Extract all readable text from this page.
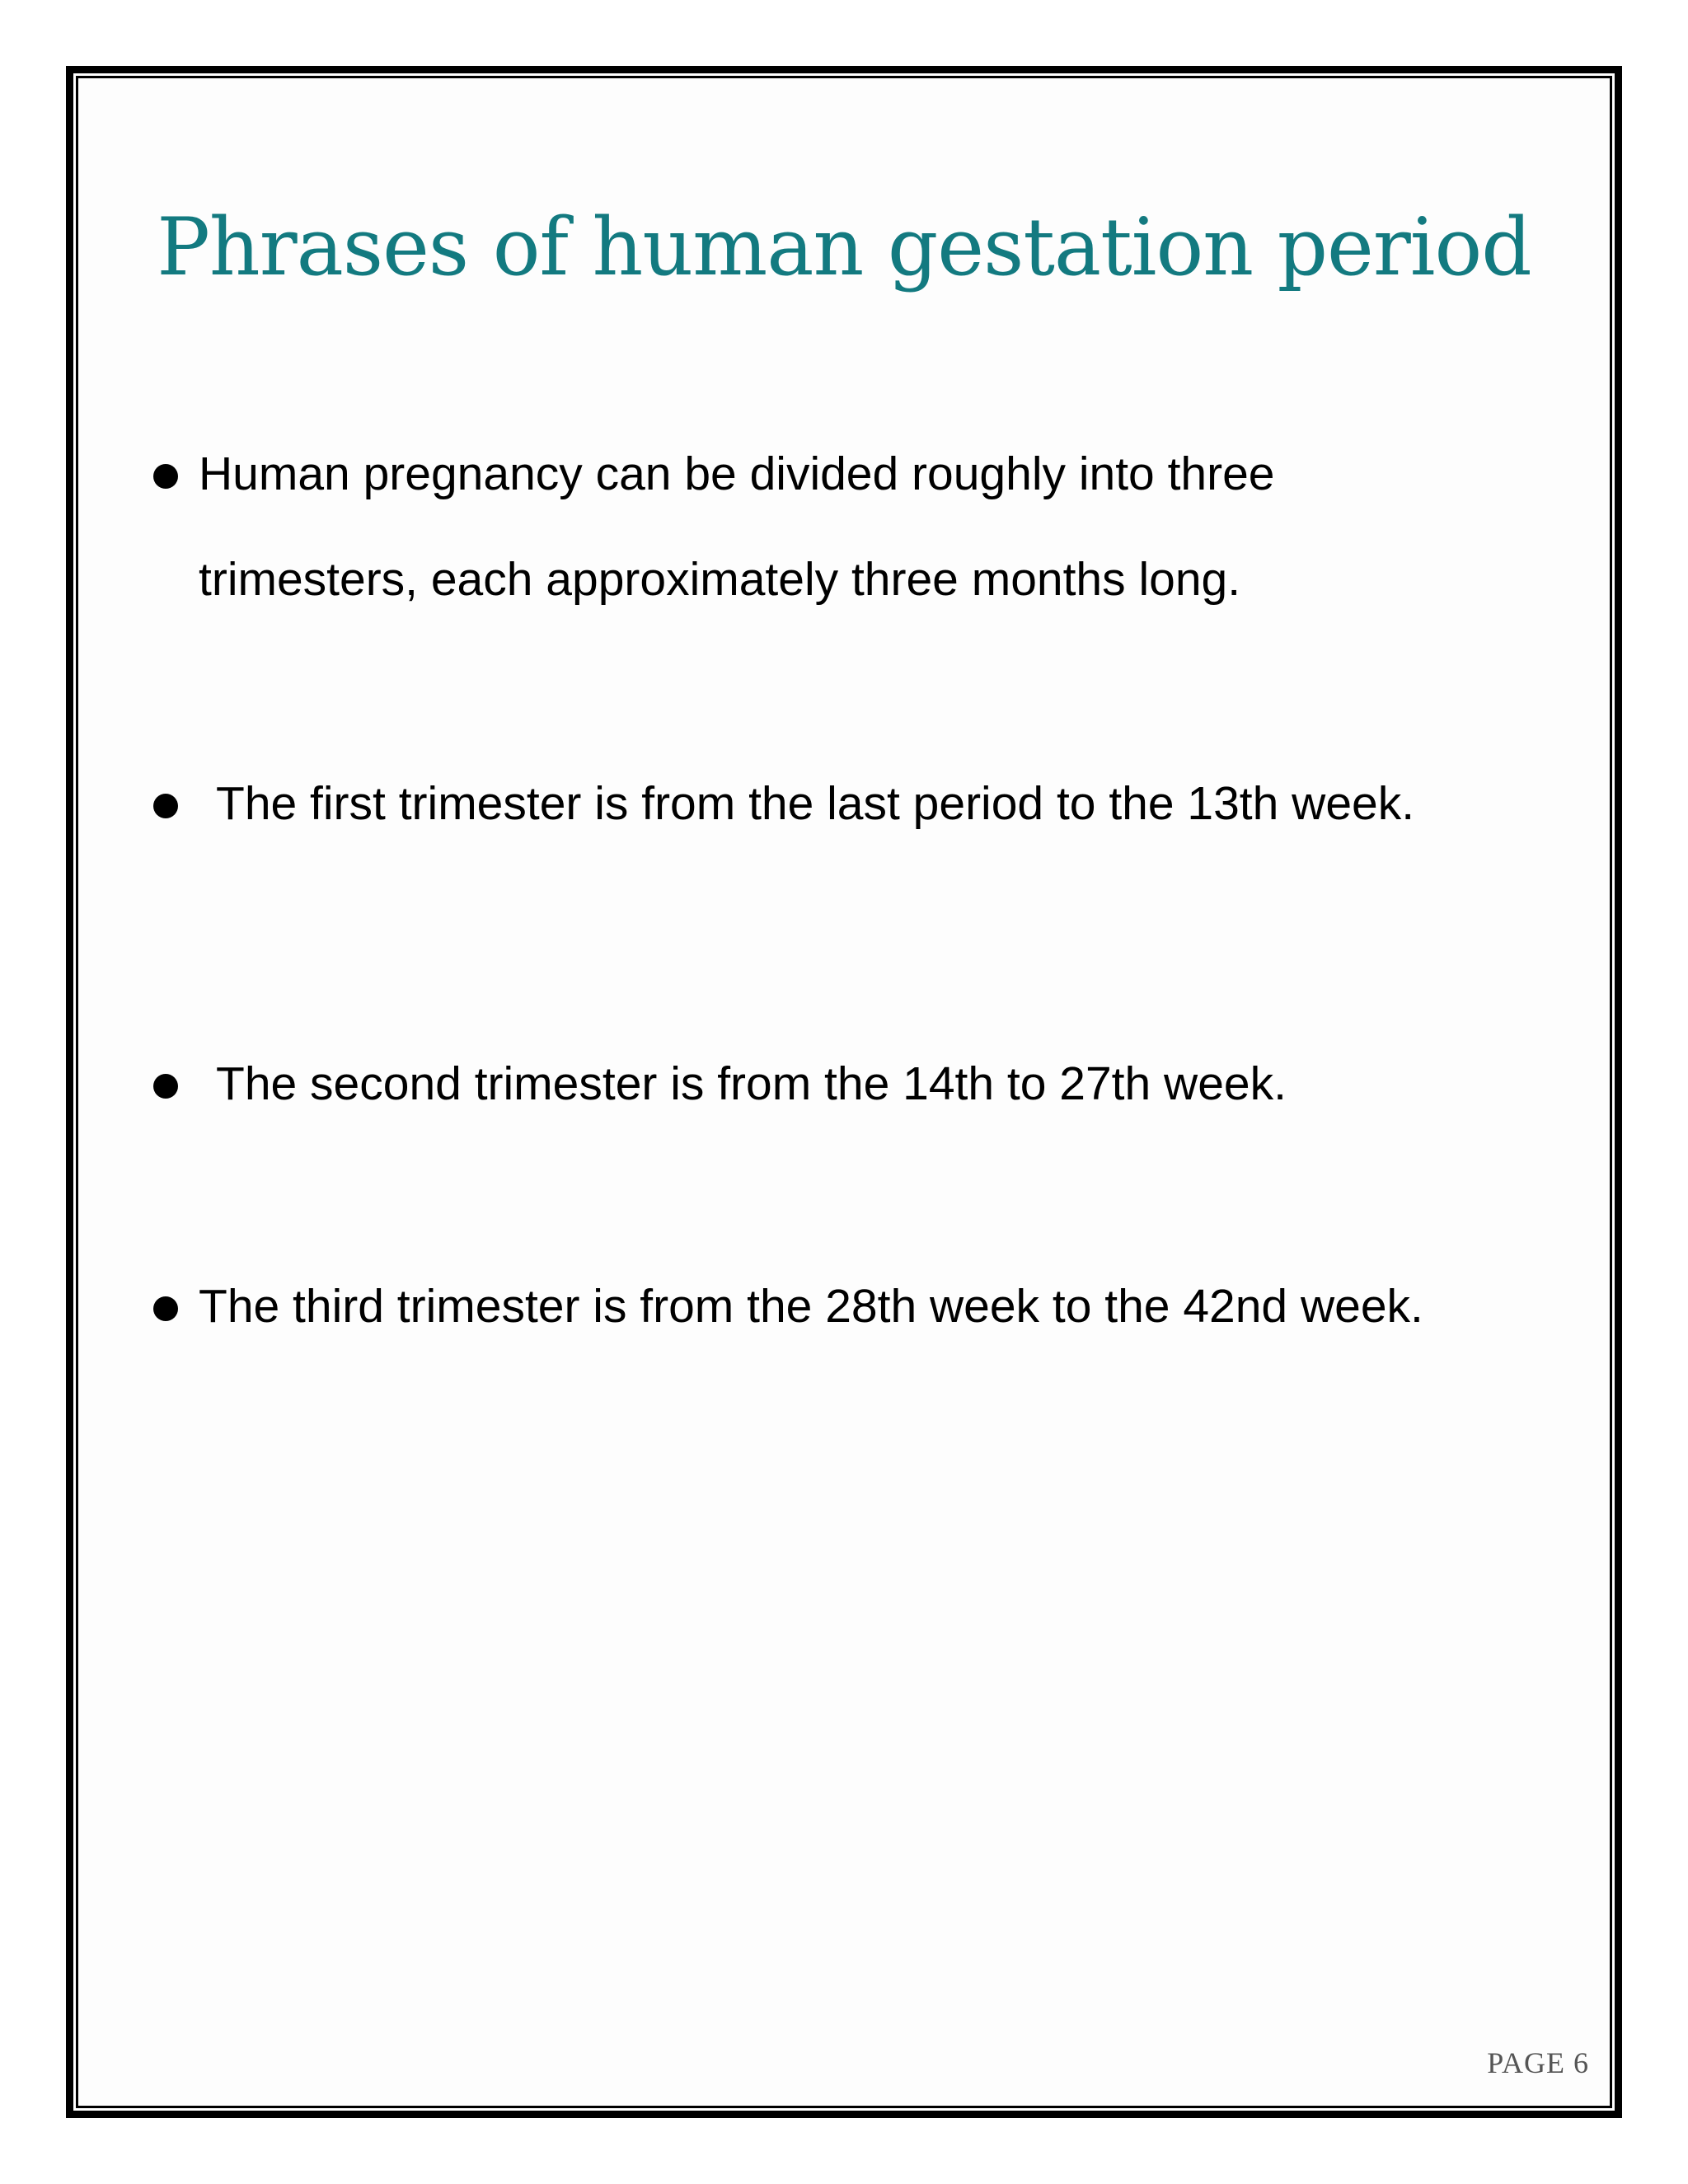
Phrases of human gestation period
Human pregnancy can be divided roughly into three
trimesters, each approximately three months long.
The first trimester is from the last period to the 13th week.
The second trimester is from the 14th to 27th week.
The third trimester is from the 28th week to the 42nd week.
PAGE 6
